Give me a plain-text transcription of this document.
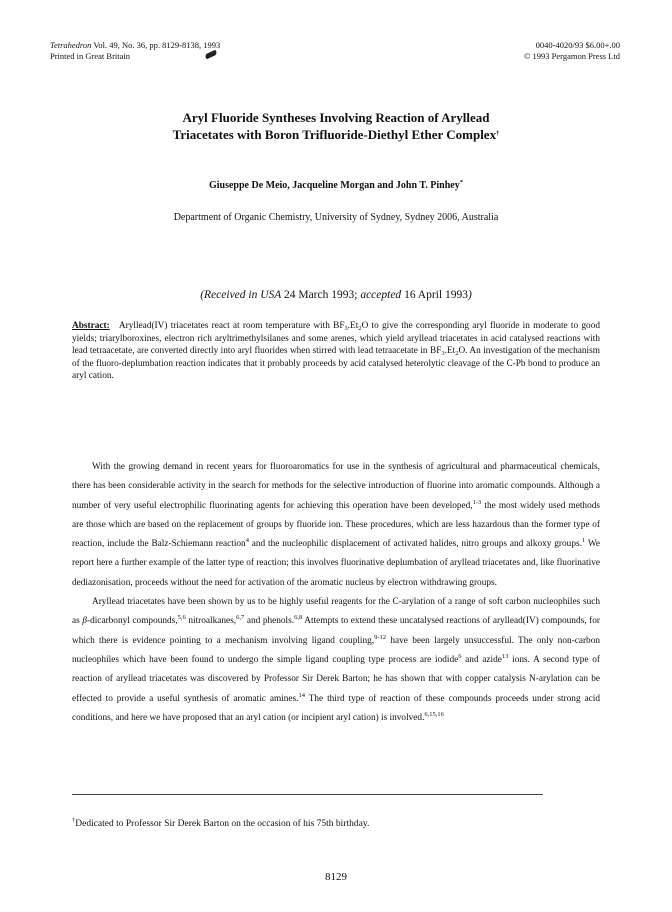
Tetrahedron Vol. 49, No. 36, pp. 8129-8138, 1993
Printed in Great Britain
0040-4020/93 $6.00+.00
© 1993 Pergamon Press Ltd
Aryl Fluoride Syntheses Involving Reaction of Aryllead
Triacetates with Boron Trifluoride-Diethyl Ether Complex†
Giuseppe De Meio, Jacqueline Morgan and John T. Pinhey*
Department of Organic Chemistry, University of Sydney, Sydney 2006, Australia
(Received in USA 24 March 1993; accepted 16 April 1993)
Abstract: Aryllead(IV) triacetates react at room temperature with $BF_3.Et_2O$ to give the corresponding aryl fluoride in moderate to good yields; triarylboroxines, electron rich aryltrimethylsilanes and some arenes, which yield aryllead triacetates in acid catalysed reactions with lead tetraacetate, are converted directly into aryl fluorides when stirred with lead tetraacetate in $BF_3.Et_2O$. An investigation of the mechanism of the fluoro-deplumbation reaction indicates that it probably proceeds by acid catalysed heterolytic cleavage of the C-Pb bond to produce an aryl cation.

With the growing demand in recent years for fluoroaromatics for use in the synthesis of agricultural and pharmaceutical chemicals, there has been considerable activity in the search for methods for the selective introduction of fluorine into aromatic compounds. Although a number of very useful electrophilic fluorinating agents for achieving this operation have been developed,$^{1-3}$ the most widely used methods are those which are based on the replacement of groups by fluoride ion. These procedures, which are less hazardous than the former type of reaction, include the Balz-Schiemann reaction$^4$ and the nucleophilic displacement of activated halides, nitro groups and alkoxy groups.$^1$ We report here a further example of the latter type of reaction; this involves fluorinative deplumbation of aryllead triacetates and, like fluorinative dediazonisation, proceeds without the need for activation of the aromatic nucleus by electron withdrawing groups.

Aryllead triacetates have been shown by us to be highly useful reagents for the C-arylation of a range of soft carbon nucleophiles such as β-dicarbonyl compounds,$^{5,6}$ nitroalkanes,$^{6,7}$ and phenols.$^{6,8}$ Attempts to extend these uncatalysed reactions of aryllead(IV) compounds, for which there is evidence pointing to a mechanism involving ligand coupling,$^{9-12}$ have been largely unsuccessful. The only non-carbon nucleophiles which have been found to undergo the simple ligand coupling type process are iodide$^6$ and azide$^{13}$ ions. A second type of reaction of aryllead triacetates was discovered by Professor Sir Derek Barton; he has shown that with copper catalysis N-arylation can be effected to provide a useful synthesis of aromatic amines.$^{14}$ The third type of reaction of these compounds proceeds under strong acid conditions, and here we have proposed that an aryl cation (or incipient aryl cation) is involved.$^{6,15,16}$

†Dedicated to Professor Sir Derek Barton on the occasion of his 75th birthday.
8129
